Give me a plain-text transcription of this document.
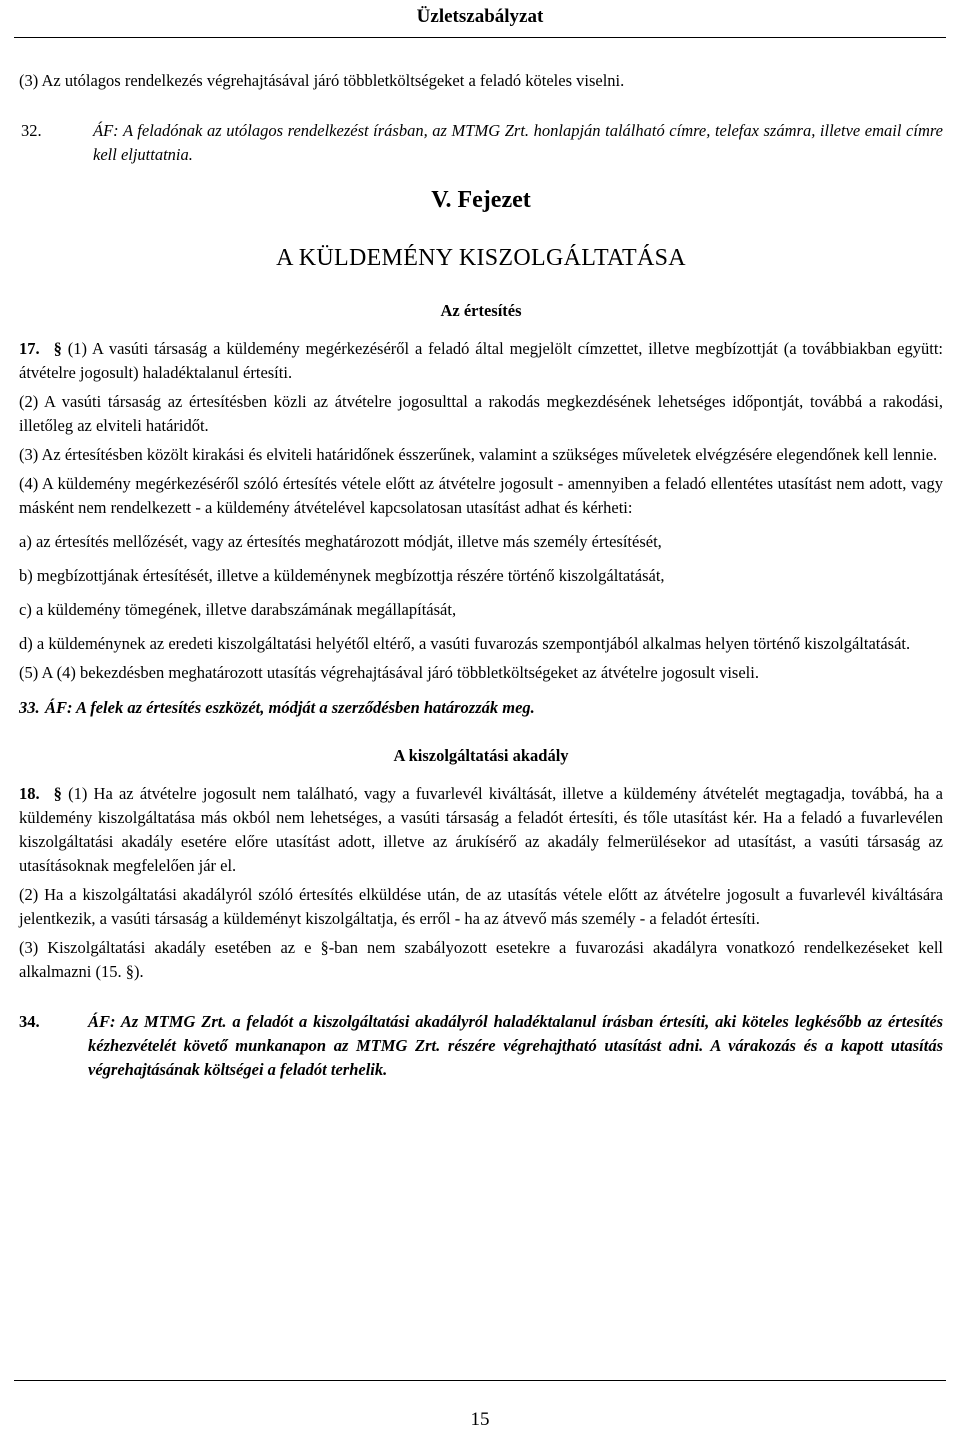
Üzletszabályzat

(3) Az utólagos rendelkezés végrehajtásával járó többletköltségeket a feladó köteles viselni.

32.	ÁF: A feladónak az utólagos rendelkezést írásban, az MTMG Zrt. honlapján található címre, telefax számra, illetve email címre kell eljuttatnia.
V. Fejezet
A KÜLDEMÉNY KISZOLGÁLTATÁSA
Az értesítés

17. § (1) A vasúti társaság a küldemény megérkezéséről a feladó által megjelölt címzettet, illetve megbízottját (a továbbiakban együtt: átvételre jogosult) haladéktalanul értesíti.

(2) A vasúti társaság az értesítésben közli az átvételre jogosulttal a rakodás megkezdésének lehetséges időpontját, továbbá a rakodási, illetőleg az elviteli határidőt.

(3) Az értesítésben közölt kirakási és elviteli határidőnek ésszerűnek, valamint a szükséges műveletek elvégzésére elegendőnek kell lennie.

(4) A küldemény megérkezéséről szóló értesítés vétele előtt az átvételre jogosult - amennyiben a feladó ellentétes utasítást nem adott, vagy másként nem rendelkezett - a küldemény átvételével kapcsolatosan utasítást adhat és kérheti:

a) az értesítés mellőzését, vagy az értesítés meghatározott módját, illetve más személy értesítését,

b) megbízottjának értesítését, illetve a küldeménynek megbízottja részére történő kiszolgáltatását,

c) a küldemény tömegének, illetve darabszámának megállapítását,

d) a küldeménynek az eredeti kiszolgáltatási helyétől eltérő, a vasúti fuvarozás szempontjából alkalmas helyen történő kiszolgáltatását.

(5) A (4) bekezdésben meghatározott utasítás végrehajtásával járó többletköltségeket az átvételre jogosult viseli.

33. ÁF: A felek az értesítés eszközét, módját a szerződésben határozzák meg.
A kiszolgáltatási akadály

18. § (1) Ha az átvételre jogosult nem található, vagy a fuvarlevél kiváltását, illetve a küldemény átvételét megtagadja, továbbá, ha a küldemény kiszolgáltatása más okból nem lehetséges, a vasúti társaság a feladót értesíti, és tőle utasítást kér. Ha a feladó a fuvarlevélen kiszolgáltatási akadály esetére előre utasítást adott, illetve az árukísérő az akadály felmerülésekor ad utasítást, a vasúti társaság az utasításoknak megfelelően jár el.

(2) Ha a kiszolgáltatási akadályról szóló értesítés elküldése után, de az utasítás vétele előtt az átvételre jogosult a fuvarlevél kiváltására jelentkezik, a vasúti társaság a küldeményt kiszolgáltatja, és erről - ha az átvevő más személy - a feladót értesíti.

(3) Kiszolgáltatási akadály esetében az e §-ban nem szabályozott esetekre a fuvarozási akadályra vonatkozó rendelkezéseket kell alkalmazni (15. §).

34.	ÁF: Az MTMG Zrt. a feladót a kiszolgáltatási akadályról haladéktalanul írásban értesíti, aki köteles legkésőbb az értesítés kézhezvételét követő munkanapon az MTMG Zrt. részére végrehajtható utasítást adni. A várakozás és a kapott utasítás végrehajtásának költségei a feladót terhelik.
15
